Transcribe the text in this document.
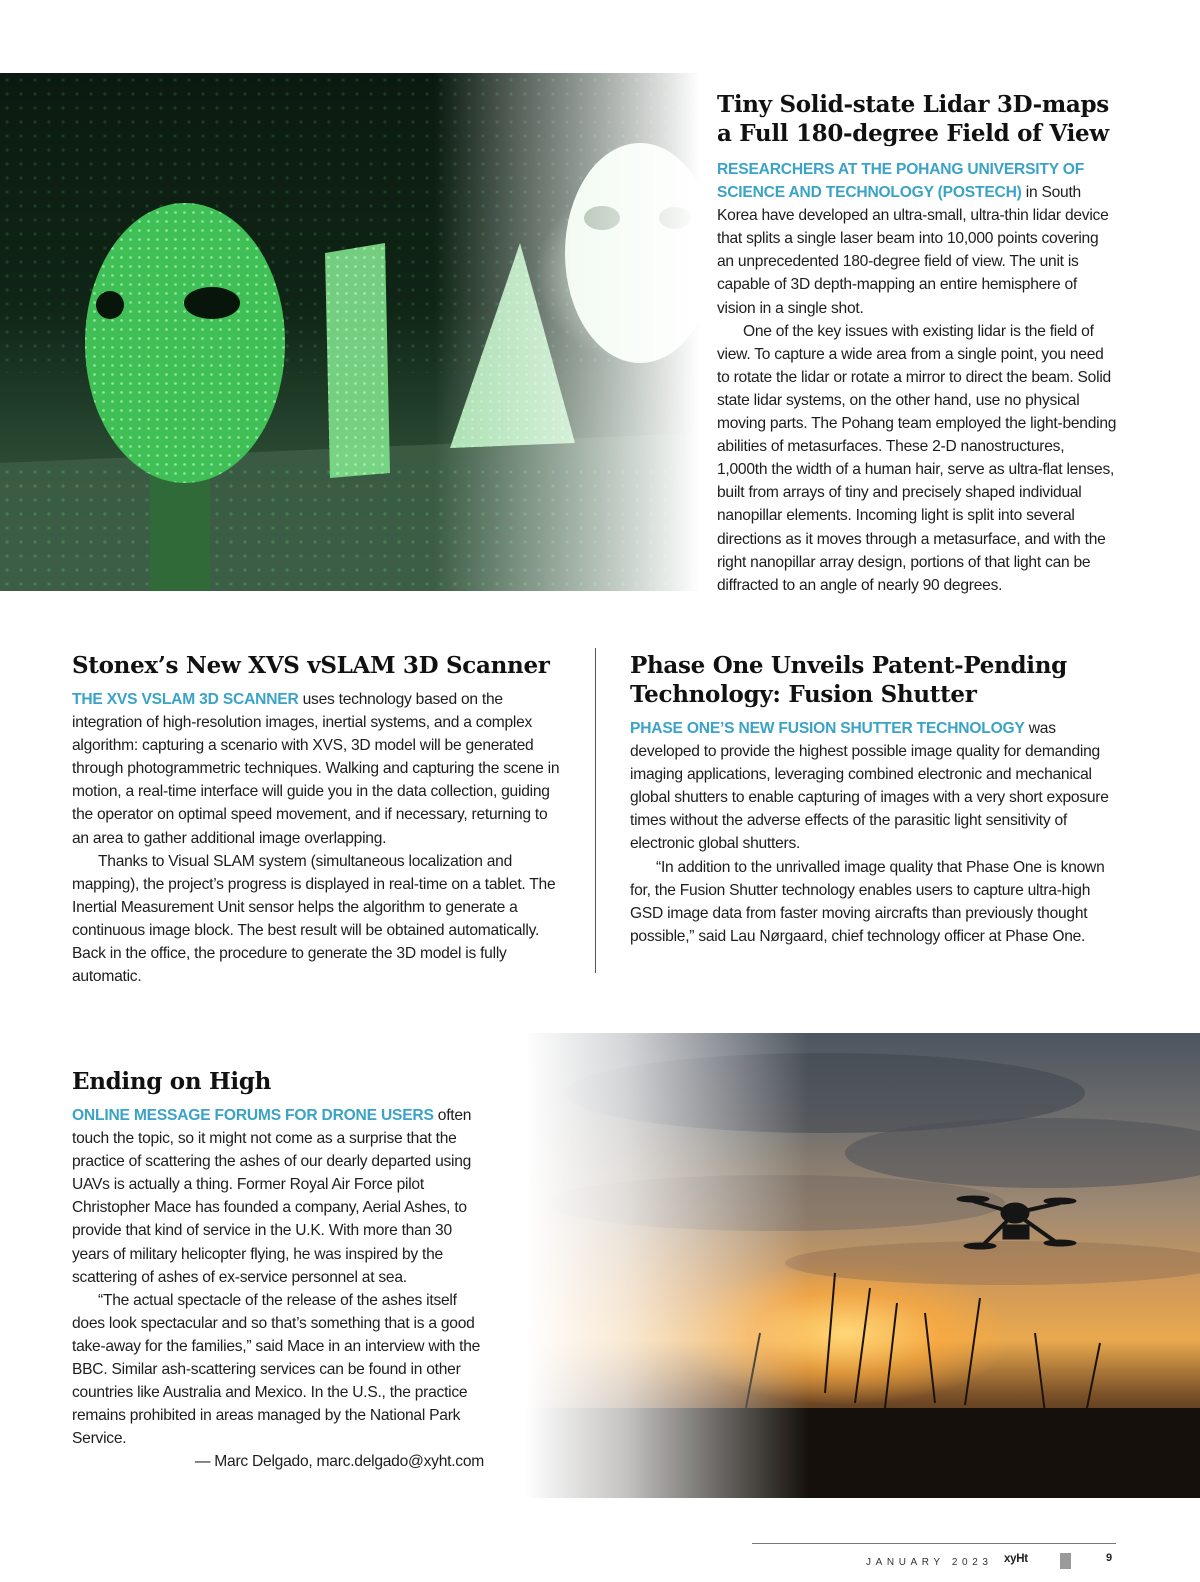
Tiny Solid-state Lidar 3D-maps
a Full 180-degree Field of View

RESEARCHERS AT THE POHANG UNIVERSITY OF SCIENCE AND TECHNOLOGY (POSTECH) in South Korea have developed an ultra-small, ultra-thin lidar device that splits a single laser beam into 10,000 points covering an unprecedented 180-degree field of view. The unit is capable of 3D depth-mapping an entire hemisphere of vision in a single shot.

One of the key issues with existing lidar is the field of view. To capture a wide area from a single point, you need to rotate the lidar or rotate a mirror to direct the beam. Solid state lidar systems, on the other hand, use no physical moving parts. The Pohang team employed the light-bending abilities of metasurfaces. These 2-D nanostructures, 1,000th the width of a human hair, serve as ultra-flat lenses, built from arrays of tiny and precisely shaped individual nanopillar elements. Incoming light is split into several directions as it moves through a metasurface, and with the right nanopillar array design, portions of that light can be diffracted to an angle of nearly 90 degrees.

Stonex’s New XVS vSLAM 3D Scanner

THE XVS VSLAM 3D SCANNER uses technology based on the integration of high-resolution images, inertial systems, and a complex algorithm: capturing a scenario with XVS, 3D model will be generated through photogrammetric techniques. Walking and capturing the scene in motion, a real-time interface will guide you in the data collection, guiding the operator on optimal speed movement, and if necessary, returning to an area to gather additional image overlapping.

Thanks to Visual SLAM system (simultaneous localization and mapping), the project’s progress is displayed in real-time on a tablet. The Inertial Measurement Unit sensor helps the algorithm to generate a continuous image block. The best result will be obtained automatically. Back in the office, the procedure to generate the 3D model is fully automatic.

Phase One Unveils Patent-Pending
Technology: Fusion Shutter

PHASE ONE’S NEW FUSION SHUTTER TECHNOLOGY was developed to provide the highest possible image quality for demanding imaging applications, leveraging combined electronic and mechanical global shutters to enable capturing of images with a very short exposure times without the adverse effects of the parasitic light sensitivity of electronic global shutters.

“In addition to the unrivalled image quality that Phase One is known for, the Fusion Shutter technology enables users to capture ultra-high GSD image data from faster moving aircrafts than previously thought possible,” said Lau Nørgaard, chief technology officer at Phase One.

Ending on High

ONLINE MESSAGE FORUMS FOR DRONE USERS often touch the topic, so it might not come as a surprise that the practice of scattering the ashes of our dearly departed using UAVs is actually a thing. Former Royal Air Force pilot Christopher Mace has founded a company, Aerial Ashes, to provide that kind of service in the U.K. With more than 30 years of military helicopter flying, he was inspired by the scattering of ashes of ex-service personnel at sea.

“The actual spectacle of the release of the ashes itself does look spectacular and so that’s something that is a good take-away for the families,” said Mace in an interview with the BBC. Similar ash-scattering services can be found in other countries like Australia and Mexico. In the U.S., the practice remains prohibited in areas managed by the National Park Service.

— Marc Delgado, marc.delgado@xyht.com

JANUARY 2023 xyHt	9
